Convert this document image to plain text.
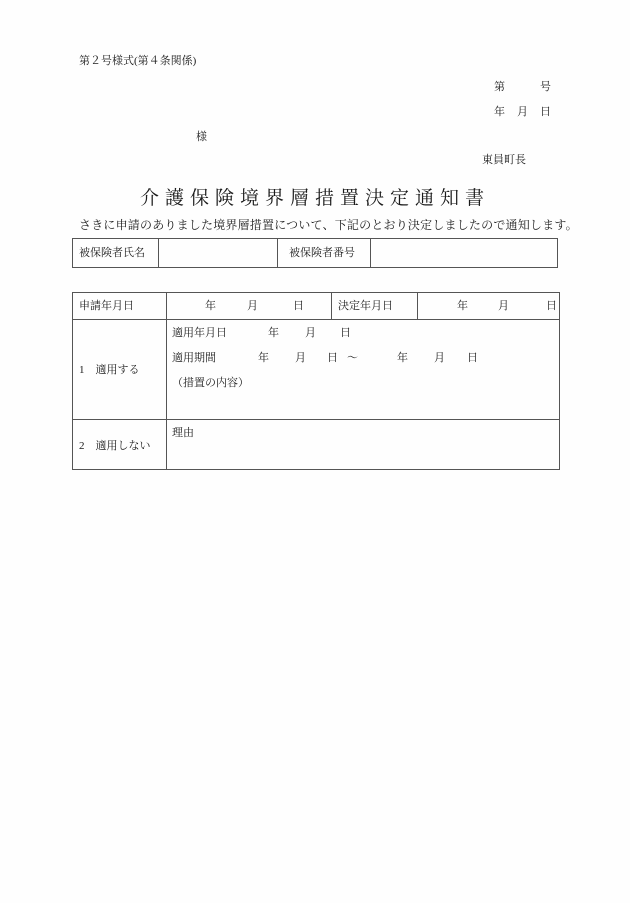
第２号様式(第４条関係)
第	号
年 月 日
様
東員町長
介護保険境界層措置決定通知書
さきに申請のありました境界層措置について、下記のとおり決定しましたので通知します。
被保険者氏名	被保険者番号
申請年月日	年	月	日	決定年月日	年	月	日
1　適用する
適用年月日	年 月 日
適用期間	年 月 日 ～	年 月 日
（措置の内容）
2　適用しない
理由
